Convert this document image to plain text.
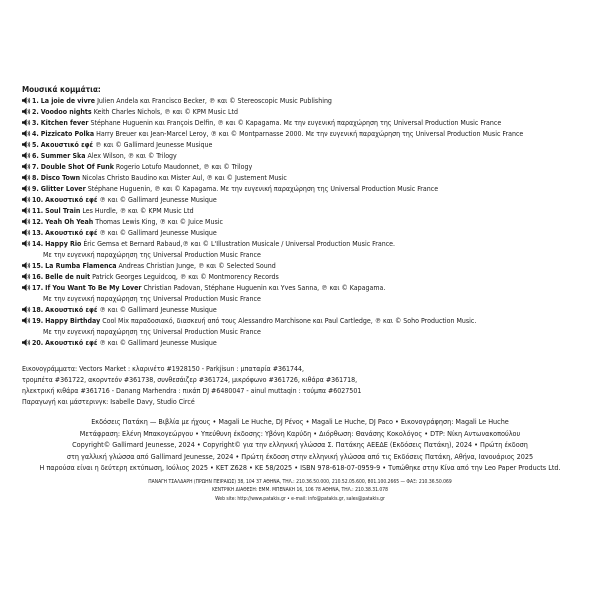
Μουσικά κομμάτια:
1. La joie de vivre Julien Andela και Francisco Becker, ℗ και © Stereoscopic Music Publishing
2. Voodoo nights Keith Charles Nichols, ℗ και © KPM Music Ltd
3. Kitchen fever Stéphane Huguenin και François Delfin, ℗ και © Kapagama. Με την ευγενική παραχώρηση της Universal Production Music France
4. Pizzicato Polka Harry Breuer και Jean-Marcel Leroy, ℗ και © Montparnasse 2000. Με την ευγενική παραχώρηση της Universal Production Music France
5. Ακουστικό εφέ ℗ και © Gallimard Jeunesse Musique
6. Summer Ska Alex Wilson, ℗ και © Trilogy
7. Double Shot Of Funk Rogerio Lotufo Maudonnet, ℗ και © Trilogy
8. Disco Town Nicolas Christo Baudino και Mister Aul, ℗ και © Justement Music
9. Glitter Lover Stéphane Huguenin, ℗ και © Kapagama. Με την ευγενική παραχώρηση της Universal Production Music France
10. Ακουστικό εφέ ℗ και © Gallimard Jeunesse Musique
11. Soul Train Les Hurdle, ℗ και © KPM Music Ltd
12. Yeah Oh Yeah Thomas Lewis King, ℗ και © Juice Music
13. Ακουστικό εφέ ℗ και © Gallimard Jeunesse Musique
14. Happy Rio Éric Gemsa et Bernard Rabaud,℗ και © L'Illustration Musicale / Universal Production Music France.
Με την ευγενική παραχώρηση της Universal Production Music France
15. La Rumba Flamenca Andreas Christian Junge, ℗ και © Selected Sound
16. Belle de nuit Patrick Georges Leguidcoq, ℗ και © Montmorency Records
17. If You Want To Be My Lover Christian Padovan, Stéphane Huguenin και Yves Sanna, ℗ και © Kapagama.
Με την ευγενική παραχώρηση της Universal Production Music France
18. Ακουστικό εφέ ℗ και © Gallimard Jeunesse Musique
19. Happy Birthday Cool Mix παραδοσιακό, διασκευή από τους Alessandro Marchisone και Paul Cartledge, ℗ και © Soho Production Music.
Με την ευγενική παραχώρηση της Universal Production Music France
20. Ακουστικό εφέ ℗ και © Gallimard Jeunesse Musique
Εικονογράμματα: Vectors Market : κλαρινέτο #1928150 - Parkjisun : μπαταρία #361744,
τρομπέτα #361722, ακορντεόν #361738, συνθεσάιζερ #361724, μικρόφωνο #361726, κιθάρα #361718,
ηλεκτρική κιθάρα #361716 - Danang Marhendra : πικάπ DJ #6480047 - ainul muttaqin : τούμπα #6027501
Παραγωγή και μάστερινγκ: Isabelle Davy, Studio Circé
Εκδόσεις Πατάκη — Βιβλία με ήχους • Magali Le Huche, DJ Ρένος • Magali Le Huche, DJ Paco • Εικονογράφηση: Magali Le Huche
Μετάφραση: Ελένη Μπακογεώργου • Υπεύθυνη έκδοσης: Υβόνη Καρύδη • Διόρθωση: Θανάσης Κοκολόγος • DTP: Νίκη Αντωνακοπούλου
Copyright© Gallimard Jeunesse, 2024 • Copyright© για την ελληνική γλώσσα Σ. Πατάκης ΑΕΕΔΕ (Εκδόσεις Πατάκη), 2024 • Πρώτη έκδοση
στη γαλλική γλώσσα από Gallimard Jeunesse, 2024 • Πρώτη έκδοση στην ελληνική γλώσσα από τις Εκδόσεις Πατάκη, Αθήνα, Ιανουάριος 2025
Η παρούσα είναι η δεύτερη εκτύπωση, Ιούλιος 2025 • ΚΕΤ Ζ628 • ΚΕ 58/2025 • ISBN 978-618-07-0959-9 • Τυπώθηκε στην Κίνα από την Leo Paper Products Ltd.
ΠΑΝΑΓΗ ΤΣΑΛΔΑΡΗ (ΠΡΩΗΝ ΠΕΙΡΑΙΩΣ) 38, 104 37 ΑΘΗΝΑ, ΤΗΛ.: 210.36.50.000, 210.52.05.600, 801.100.2665 — ΦΑΞ: 210.36.50.069
ΚΕΝΤΡΙΚΗ ΔΙΑΘΕΣΗ: ΕΜΜ. ΜΠΕΝΑΚΗ 16, 106 78 ΑΘΗΝΑ, ΤΗΛ.: 210.38.31.078
Web site: http://www.patakis.gr • e-mail: info@patakis.gr, sales@patakis.gr
